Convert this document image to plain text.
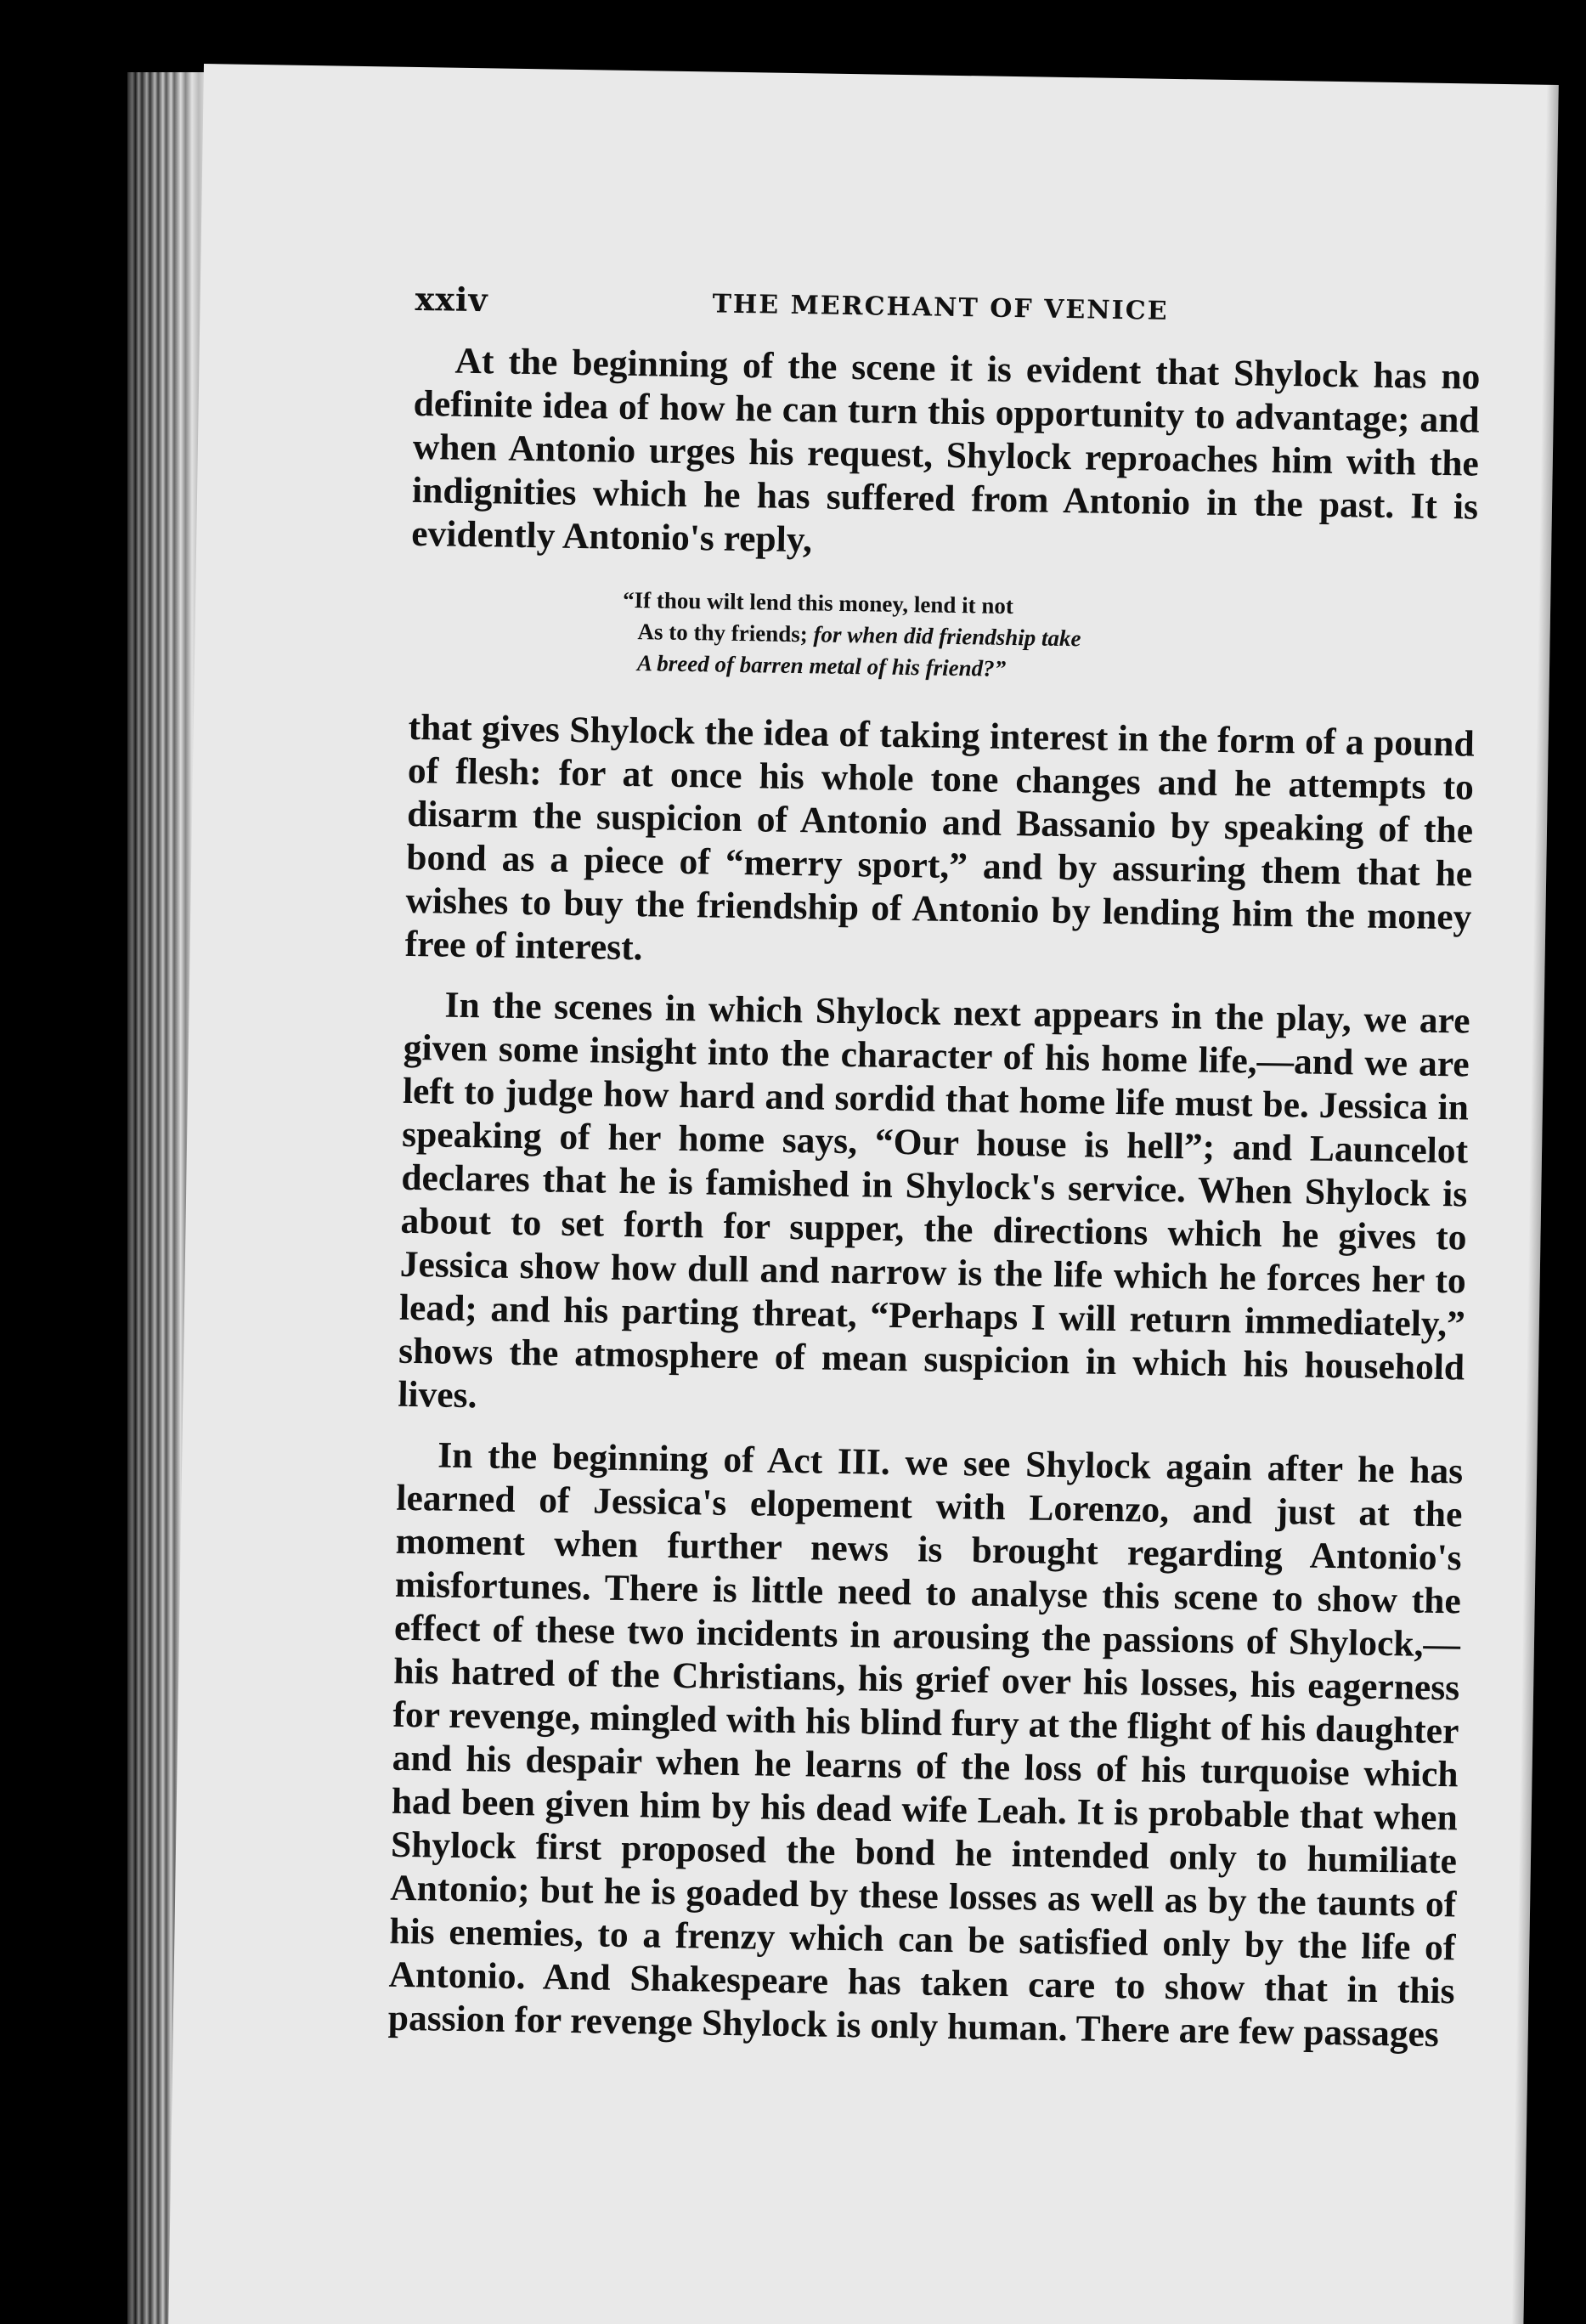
xxiv	THE MERCHANT OF VENICE

At the beginning of the scene it is evident that Shylock has no definite idea of how he can turn this opportunity to advantage; and when Antonio urges his request, Shylock reproaches him with the indignities which he has suffered from Antonio in the past. It is evidently Antonio's reply,

“If thou wilt lend this money, lend it not
As to thy friends; for when did friendship take
A breed of barren metal of his friend?”

that gives Shylock the idea of taking interest in the form of a pound of flesh: for at once his whole tone changes and he attempts to disarm the suspicion of Antonio and Bassanio by speaking of the bond as a piece of “merry sport,” and by assuring them that he wishes to buy the friendship of Antonio by lending him the money free of interest.

In the scenes in which Shylock next appears in the play, we are given some insight into the character of his home life,—and we are left to judge how hard and sordid that home life must be. Jessica in speaking of her home says, “Our house is hell”; and Launcelot declares that he is famished in Shylock's service. When Shylock is about to set forth for supper, the directions which he gives to Jessica show how dull and narrow is the life which he forces her to lead; and his parting threat, “Perhaps I will return immediately,” shows the atmosphere of mean suspicion in which his household lives.

In the beginning of Act III. we see Shylock again after he has learned of Jessica's elopement with Lorenzo, and just at the moment when further news is brought regarding Antonio's misfortunes. There is little need to analyse this scene to show the effect of these two incidents in arousing the passions of Shylock,—his hatred of the Christians, his grief over his losses, his eagerness for revenge, mingled with his blind fury at the flight of his daughter and his despair when he learns of the loss of his turquoise which had been given him by his dead wife Leah. It is probable that when Shylock first proposed the bond he intended only to humiliate Antonio; but he is goaded by these losses as well as by the taunts of his enemies, to a frenzy which can be satisfied only by the life of Antonio. And Shakespeare has taken care to show that in this passion for revenge Shylock is only human. There are few passages
